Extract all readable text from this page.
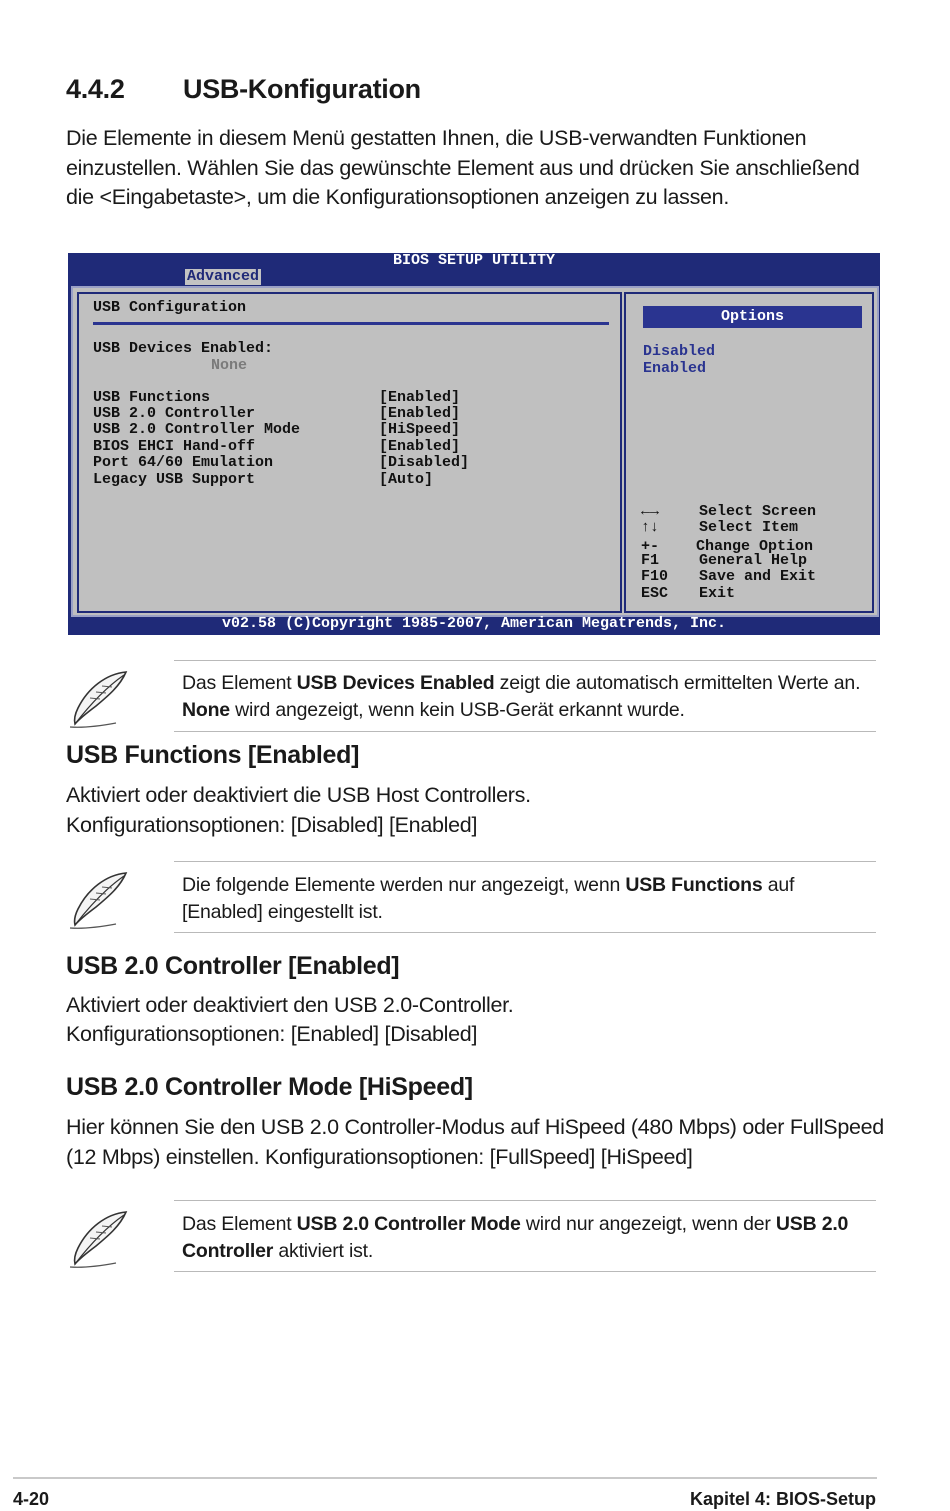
4.4.2 USB-Konfiguration

Die Elemente in diesem Menü gestatten Ihnen, die USB-verwandten Funktionen einzustellen. Wählen Sie das gewünschte Element aus und drücken Sie anschließend die <Eingabetaste>, um die Konfigurationsoptionen anzeigen zu lassen.

BIOS SETUP UTILITY
Advanced
USB Configuration
USB Devices Enabled:
None
USB Functions	[Enabled]
USB 2.0 Controller	[Enabled]
USB 2.0 Controller Mode	[HiSpeed]
BIOS EHCI Hand-off	[Enabled]
Port 64/60 Emulation	[Disabled]
Legacy USB Support	[Auto]
Options
Disabled
Enabled
←→	Select Screen
↑↓	Select Item
+- Change Option
F1	General Help
F10 Save and Exit
ESC Exit
v02.58 (C)Copyright 1985-2007, American Megatrends, Inc.

Das Element USB Devices Enabled zeigt die automatisch ermittelten Werte an. None wird angezeigt, wenn kein USB-Gerät erkannt wurde.

USB Functions [Enabled]

Aktiviert oder deaktiviert die USB Host Controllers.

Konfigurationsoptionen: [Disabled] [Enabled]

Die folgende Elemente werden nur angezeigt, wenn USB Functions auf [Enabled] eingestellt ist.

USB 2.0 Controller [Enabled]

Aktiviert oder deaktiviert den USB 2.0-Controller.

Konfigurationsoptionen: [Enabled] [Disabled]

USB 2.0 Controller Mode [HiSpeed]

Hier können Sie den USB 2.0 Controller-Modus auf HiSpeed (480 Mbps) oder FullSpeed (12 Mbps) einstellen. Konfigurationsoptionen: [FullSpeed] [HiSpeed]

Das Element USB 2.0 Controller Mode wird nur angezeigt, wenn der USB 2.0 Controller aktiviert ist.

4-20	Kapitel 4: BIOS-Setup
